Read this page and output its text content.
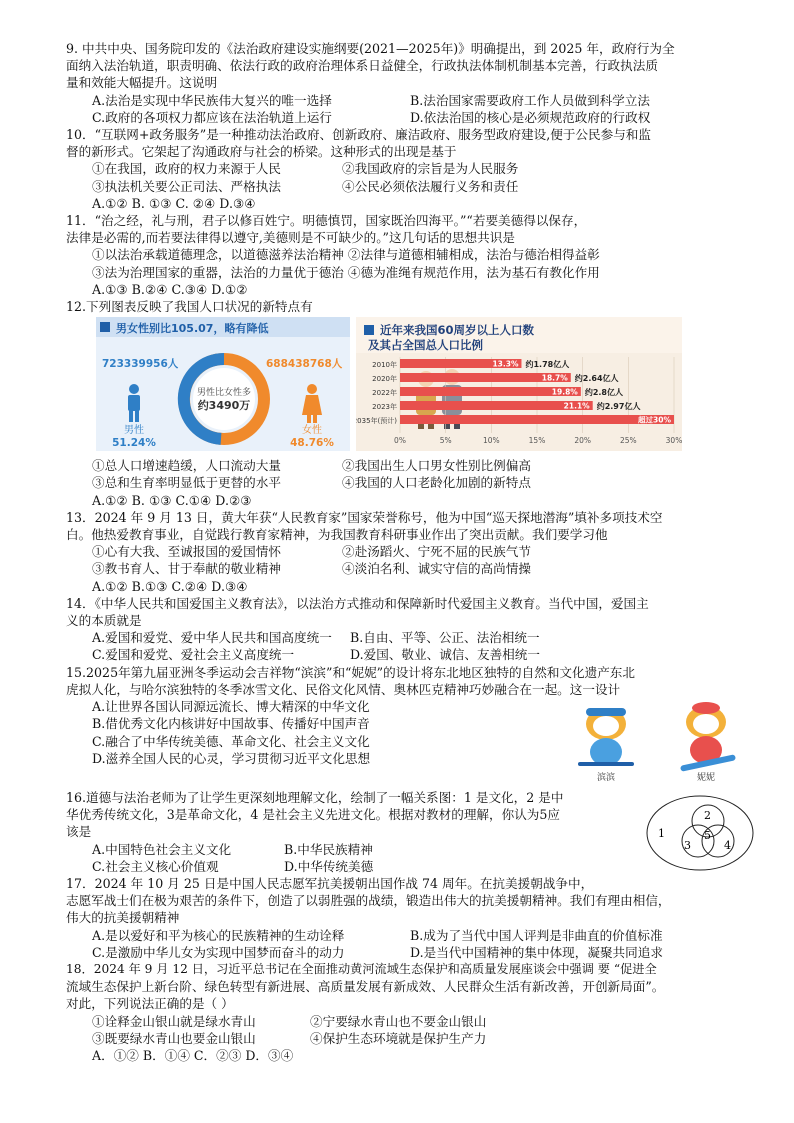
9. 中共中央、国务院印发的《法治政府建设实施纲要(2021—2025年)》明确提出，到 2025 年，政府行为全

面纳入法治轨道，职责明确、依法行政的政府治理体系日益健全，行政执法体制机制基本完善，行政执法质

量和效能大幅提升。这说明

A.法治是实现中华民族伟大复兴的唯一选择	B.法治国家需要政府工作人员做到科学立法
C.政府的各项权力都应该在法治轨道上运行	D.依法治国的核心是必须规范政府的行政权

10．“互联网+政务服务”是一种推动法治政府、创新政府、廉洁政府、服务型政府建设,便于公民参与和监

督的新形式。它架起了沟通政府与社会的桥梁。这种形式的出现是基于

①在我国，政府的权力来源于人民	②我国政府的宗旨是为人民服务
③执法机关要公正司法、严格执法	④公民必须依法履行义务和责任

A.①② B. ①③ C. ②④ D.③④

11．“治之经，礼与刑，君子以修百姓宁。明德慎罚，国家既治四海平。”“若要美德得以保存，

法律是必需的,而若要法律得以遵守,美德则是不可缺少的。”这几句话的思想共识是

①以法治承载道德理念，以道德滋养法治精神 ②法律与道德相辅相成，法治与德治相得益彰

③法为治理国家的重器，法治的力量优于德治 ④德为准绳有规范作用，法为基石有教化作用

A.①③ B.②④ C.③④ D.①②

12.下列图表反映了我国人口状况的新特点有

男女性别比105.07，略有降低
723339956人	688438768人
男性比女性多
约3490万
男性
51.24%
女性
48.76%
近年来我国60周岁以上人口数
及其占全国总人口比例
0%	5%	10%	15%	20%	25%	30%
2010年	13.3% 约1.78亿人
2020年	18.7% 约2.64亿人
2022年	19.8% 约2.8亿人
2023年	21.1% 约2.97亿人
2035年(预计)	超过30%
①总人口增速趋缓，人口流动大量	②我国出生人口男女性别比例偏高
③总和生育率明显低于更替的水平	④我国的人口老龄化加剧的新特点

A.①② B. ①③ C.①④ D.②③

13．2024 年 9 月 13 日，黄大年获“人民教育家”国家荣誉称号，他为中国“巡天探地潜海”填补多项技术空

白。他热爱教育事业，自觉践行教育家精神，为我国教育科研事业作出了突出贡献。我们要学习他

①心有大我、至诚报国的爱国情怀	②赴汤蹈火、宁死不屈的民族气节
③教书育人、甘于奉献的敬业精神	④淡泊名利、诚实守信的高尚情操

A.①② B.①③ C.②④ D.③④

14．《中华人民共和国爱国主义教育法》，以法治方式推动和保障新时代爱国主义教育。当代中国，爱国主

义的本质就是

A.爱国和爱党、爱中华人民共和国高度统一	B.自由、平等、公正、法治相统一
C.爱国和爱党、爱社会主义高度统一	D.爱国、敬业、诚信、友善相统一

15.2025年第九届亚洲冬季运动会吉祥物“滨滨”和“妮妮”的设计将东北地区独特的自然和文化遗产东北

虎拟人化，与哈尔滨独特的冬季冰雪文化、民俗文化风情、奥林匹克精神巧妙融合在一起。这一设计

A.让世界各国认同源远流长、博大精深的中华文化

B.借优秀文化内核讲好中国故事、传播好中国声音

C.融合了中华传统美德、革命文化、社会主义文化

D.滋养全国人民的心灵，学习贯彻习近平文化思想

滨滨	妮妮

16.道德与法治老师为了让学生更深刻地理解文化，绘制了一幅关系图：1 是文化，2 是中

华优秀传统文化，3是革命文化，4 是社会主义先进文化。根据对教材的理解，你认为5应

该是

A.中国特色社会主义文化	B.中华民族精神
C.社会主义核心价值观	D.中华传统美德
1
2
3	4
5

17．2024 年 10 月 25 日是中国人民志愿军抗美援朝出国作战 74 周年。在抗美援朝战争中，

志愿军战士们在极为艰苦的条件下，创造了以弱胜强的战绩，锻造出伟大的抗美援朝精神。我们有理由相信，

伟大的抗美援朝精神

A.是以爱好和平为核心的民族精神的生动诠释	B.成为了当代中国人评判是非曲直的价值标准
C.是激励中华儿女为实现中国梦而奋斗的动力	D.是当代中国精神的集中体现，凝聚共同追求

18．2024 年 9 月 12 日，习近平总书记在全面推动黄河流域生态保护和高质量发展座谈会中强调 要 “促进全

流域生态保护上新台阶、绿色转型有新进展、高质量发展有新成效、人民群众生活有新改善，开创新局面”。

对此，下列说法正确的是（ ）

①诠释金山银山就是绿水青山	②宁要绿水青山也不要金山银山
③既要绿水青山也要金山银山	④保护生态环境就是保护生产力

A．①② B．①④ C．②③ D．③④
